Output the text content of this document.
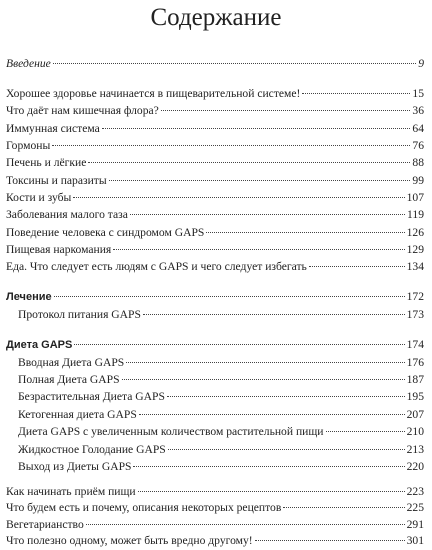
Содержание
Введение	9
Хорошее здоровье начинается в пищеварительной системе!	15
Что даёт нам кишечная флора?	36
Иммунная система	64
Гормоны	76
Печень и лёгкие	88
Токсины и паразиты	99
Кости и зубы	107
Заболевания малого таза	119
Поведение человека с синдромом GAPS	126
Пищевая наркомания	129
Еда. Что следует есть людям с GAPS и чего следует избегать	134
Лечение	172
Протокол питания GAPS	173
Диета GAPS	174
Вводная Диета GAPS	176
Полная Диета GAPS	187
Безрастительная Диета GAPS	195
Кетогенная диета GAPS	207
Диета GAPS с увеличенным количеством растительной пищи	210
Жидкостное Голодание GAPS	213
Выход из Диеты GAPS	220
Как начинать приём пищи	223
Что будем есть и почему, описания некоторых рецептов	225
Вегетарианство	291
Что полезно одному, может быть вредно другому!	301
